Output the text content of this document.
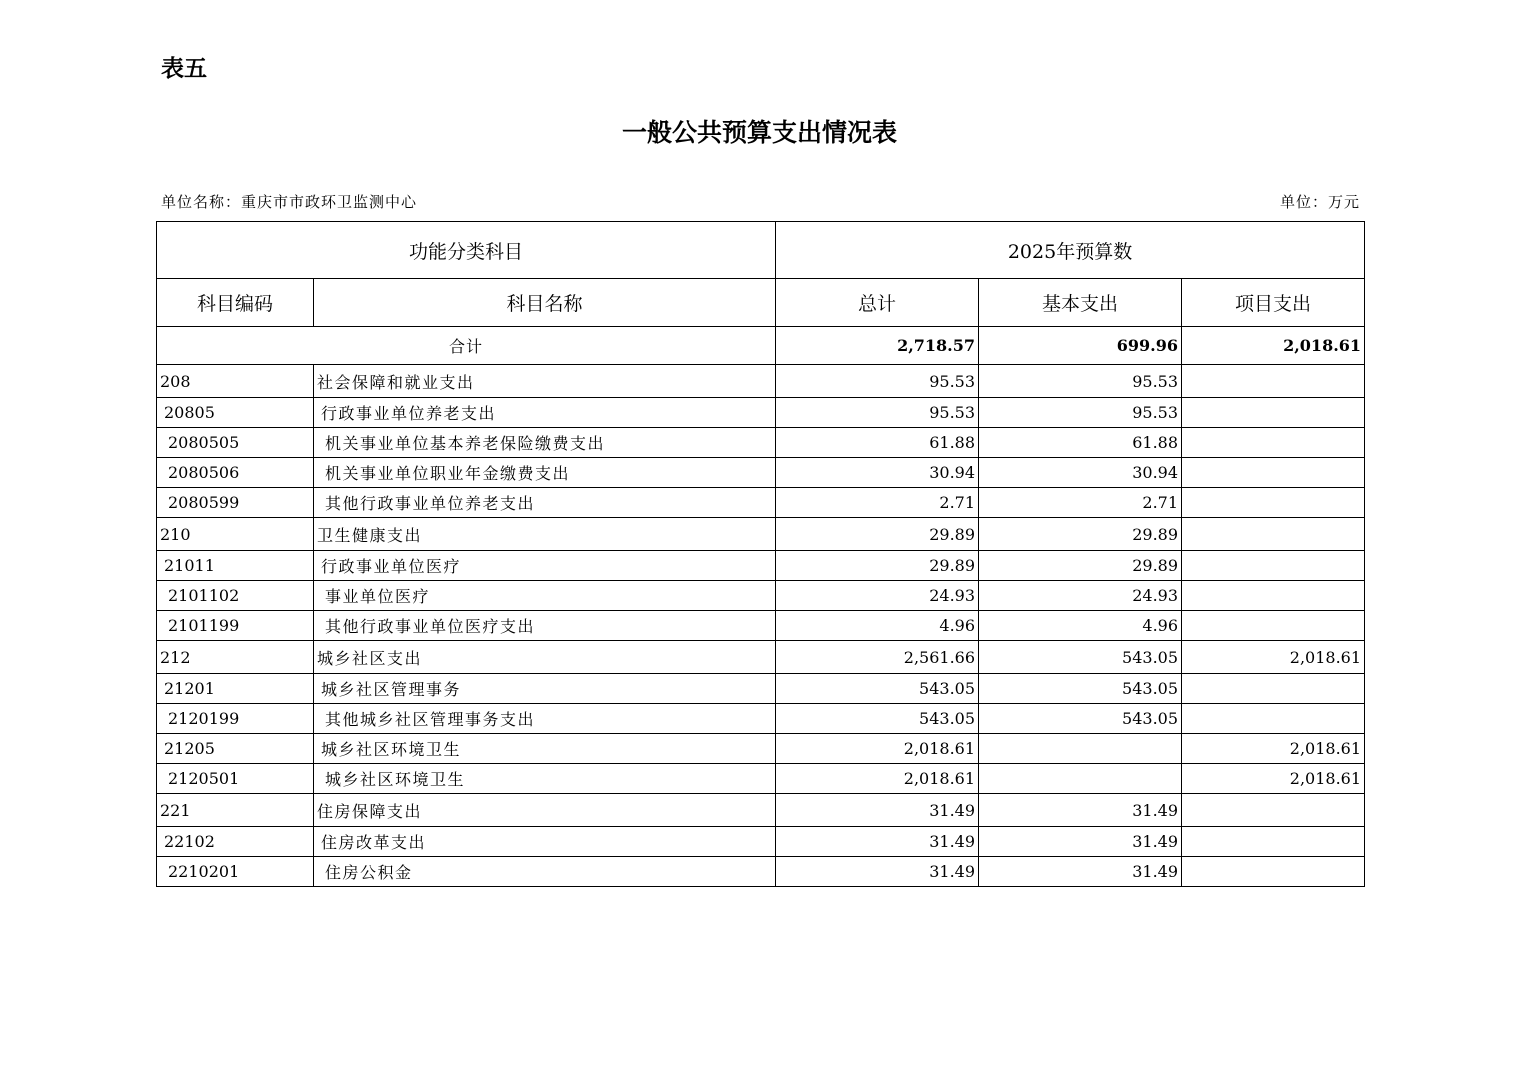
表五
一般公共预算支出情况表
单位名称：重庆市市政环卫监测中心	单位：万元
功能分类科目		2025年预算数		
科目编码	科目名称	总计	基本支出	项目支出
合计		2,718.57	699.96	2,018.61
208	社会保障和就业支出	95.53	95.53	
20805	行政事业单位养老支出	95.53	95.53	
2080505	机关事业单位基本养老保险缴费支出	61.88	61.88	
2080506	机关事业单位职业年金缴费支出	30.94	30.94	
2080599	其他行政事业单位养老支出	2.71	2.71	
210	卫生健康支出	29.89	29.89	
21011	行政事业单位医疗	29.89	29.89	
2101102	事业单位医疗	24.93	24.93	
2101199	其他行政事业单位医疗支出	4.96	4.96	
212	城乡社区支出	2,561.66	543.05	2,018.61
21201	城乡社区管理事务	543.05	543.05	
2120199	其他城乡社区管理事务支出	543.05	543.05	
21205	城乡社区环境卫生	2,018.61		2,018.61
2120501	城乡社区环境卫生	2,018.61		2,018.61
221	住房保障支出	31.49	31.49	
22102	住房改革支出	31.49	31.49	
2210201	住房公积金	31.49	31.49	
